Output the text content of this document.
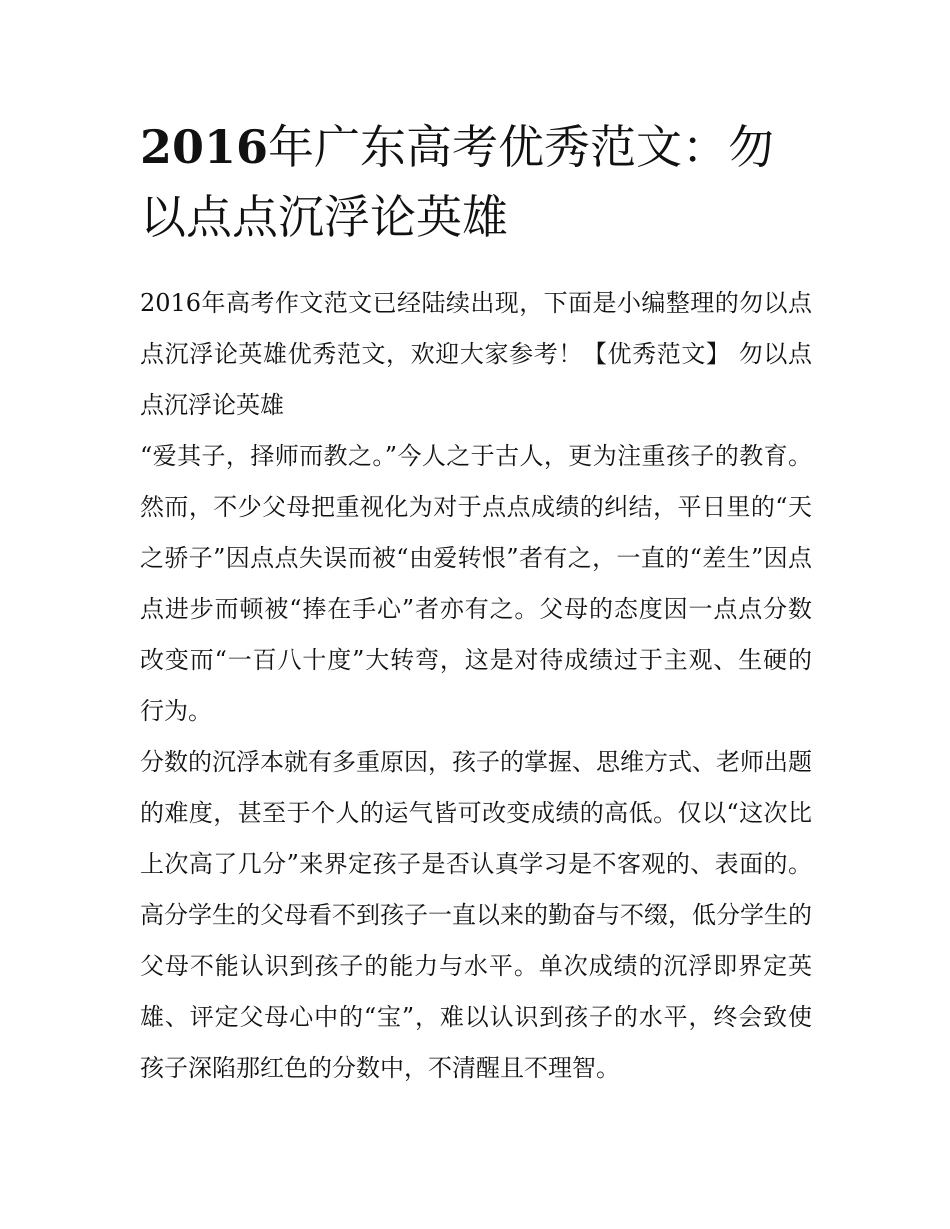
2016年广东高考优秀范文：勿以点点沉浮论英雄

2016年高考作文范文已经陆续出现，下面是小编整理的勿以点点沉浮论英雄优秀范文，欢迎大家参考！【优秀范文】 勿以点点沉浮论英雄

“爱其子，择师而教之。”今人之于古人，更为注重孩子的教育。然而，不少父母把重视化为对于点点成绩的纠结，平日里的“天之骄子”因点点失误而被“由爱转恨”者有之，一直的“差生”因点点进步而顿被“捧在手心”者亦有之。父母的态度因一点点分数改变而“一百八十度”大转弯，这是对待成绩过于主观、生硬的行为。

分数的沉浮本就有多重原因，孩子的掌握、思维方式、老师出题的难度，甚至于个人的运气皆可改变成绩的高低。仅以“这次比上次高了几分”来界定孩子是否认真学习是不客观的、表面的。高分学生的父母看不到孩子一直以来的勤奋与不缀，低分学生的父母不能认识到孩子的能力与水平。单次成绩的沉浮即界定英雄、评定父母心中的“宝”，难以认识到孩子的水平，终会致使孩子深陷那红色的分数中，不清醒且不理智。
